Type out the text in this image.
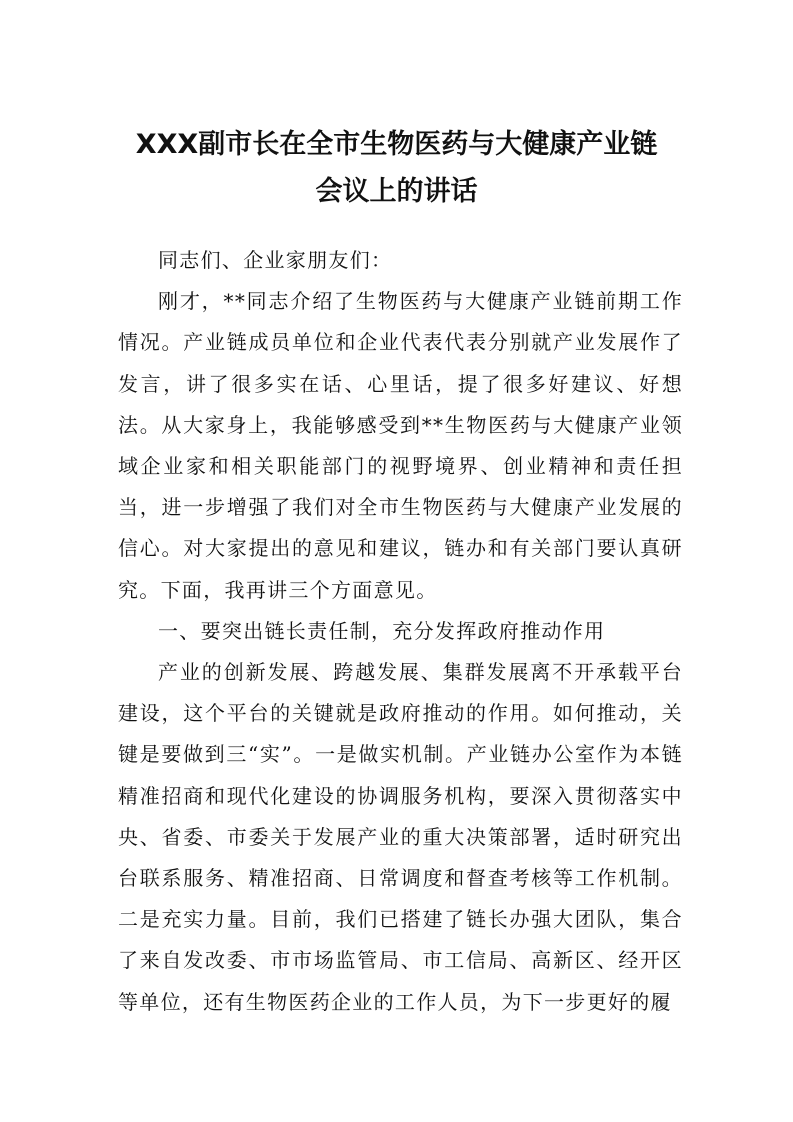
XXX副市长在全市生物医药与大健康产业链
会议上的讲话

同志们、企业家朋友们：

刚才，**同志介绍了生物医药与大健康产业链前期工作情况。产业链成员单位和企业代表代表分别就产业发展作了发言，讲了很多实在话、心里话，提了很多好建议、好想法。从大家身上，我能够感受到**生物医药与大健康产业领域企业家和相关职能部门的视野境界、创业精神和责任担当，进一步增强了我们对全市生物医药与大健康产业发展的信心。对大家提出的意见和建议，链办和有关部门要认真研究。下面，我再讲三个方面意见。

一、要突出链长责任制，充分发挥政府推动作用

产业的创新发展、跨越发展、集群发展离不开承载平台建设，这个平台的关键就是政府推动的作用。如何推动，关键是要做到三“实”。一是做实机制。产业链办公室作为本链精准招商和现代化建设的协调服务机构，要深入贯彻落实中央、省委、市委关于发展产业的重大决策部署，适时研究出台联系服务、精准招商、日常调度和督查考核等工作机制。二是充实力量。目前，我们已搭建了链长办强大团队，集合了来自发改委、市市场监管局、市工信局、高新区、经开区等单位，还有生物医药企业的工作人员，为下一步更好的履
